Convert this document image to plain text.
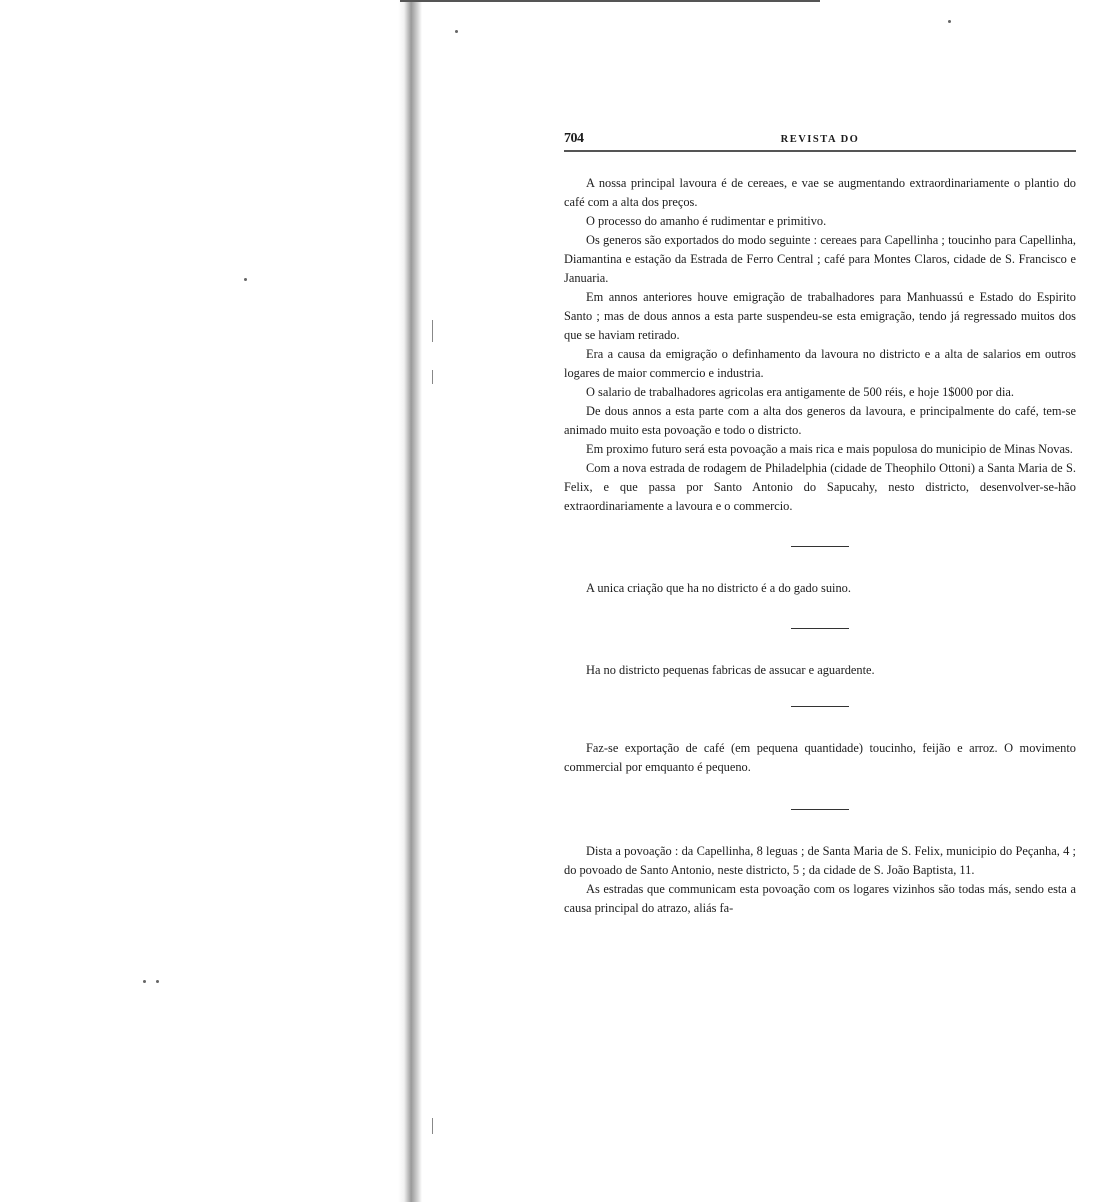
704	REVISTA DO

A nossa principal lavoura é de cereaes, e vae se augmentando extraordinariamente o plantio do café com a alta dos preços.

O processo do amanho é rudimentar e primitivo.

Os generos são exportados do modo seguinte : cereaes para Capellinha ; toucinho para Capellinha, Diamantina e estação da Estrada de Ferro Central ; café para Montes Claros, cidade de S. Francisco e Januaria.

Em annos anteriores houve emigração de trabalhadores para Manhuassú e Estado do Espirito Santo ; mas de dous annos a esta parte suspendeu-se esta emigração, tendo já regressado muitos dos que se haviam retirado.

Era a causa da emigração o definhamento da lavoura no districto e a alta de salarios em outros logares de maior commercio e industria.

O salario de trabalhadores agricolas era antigamente de 500 réis, e hoje 1$000 por dia.

De dous annos a esta parte com a alta dos generos da lavoura, e principalmente do café, tem-se animado muito esta povoação e todo o districto.

Em proximo futuro será esta povoação a mais rica e mais populosa do municipio de Minas Novas.

Com a nova estrada de rodagem de Philadelphia (cidade de Theophilo Ottoni) a Santa Maria de S. Felix, e que passa por Santo Antonio do Sapucahy, nesto districto, desenvolver-se-hão extraordinariamente a lavoura e o commercio.

A unica criação que ha no districto é a do gado suino.

Ha no districto pequenas fabricas de assucar e aguardente.

Faz-se exportação de café (em pequena quantidade) toucinho, feijão e arroz. O movimento commercial por emquanto é pequeno.

Dista a povoação : da Capellinha, 8 leguas ; de Santa Maria de S. Felix, municipio do Peçanha, 4 ; do povoado de Santo Antonio, neste districto, 5 ; da cidade de S. João Baptista, 11.

As estradas que communicam esta povoação com os logares vizinhos são todas más, sendo esta a causa principal do atrazo, aliás fa-
